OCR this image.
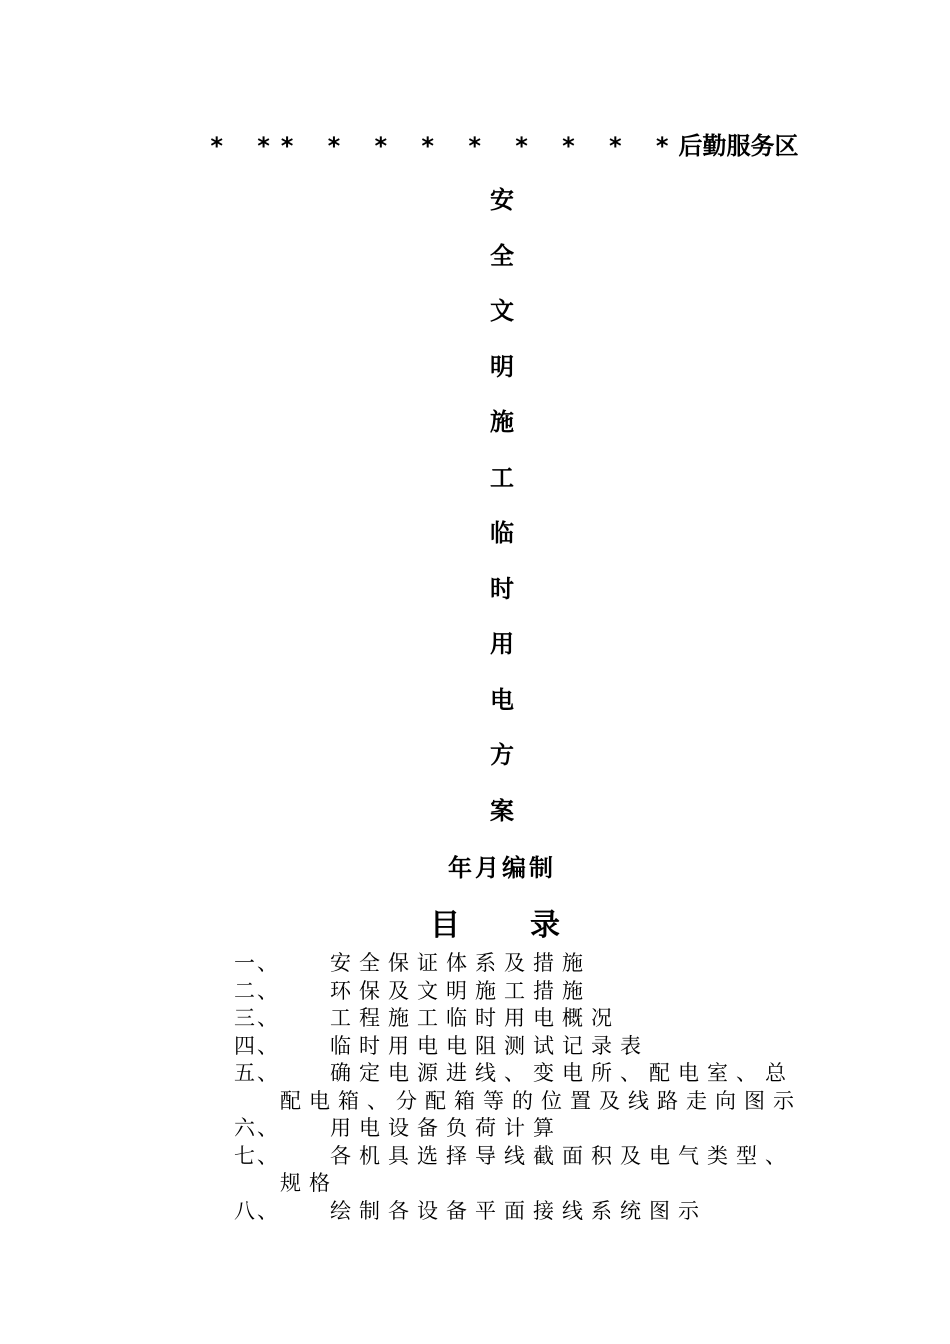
* ** * * * * * * * *后勤服务区
安
全
文
明
施
工
临
时
用
电
方
案
年月编制
目 录
一、	安全保证体系及措施
二、	环保及文明施工措施
三、	工程施工临时用电概况
四、	临时用电电阻测试记录表
五、	确定电源进线、变电所、配电室、总
配电箱、分配箱等的位置及线路走向图示
六、	用电设备负荷计算
七、	各机具选择导线截面积及电气类型、
规格
八、	绘制各设备平面接线系统图示
